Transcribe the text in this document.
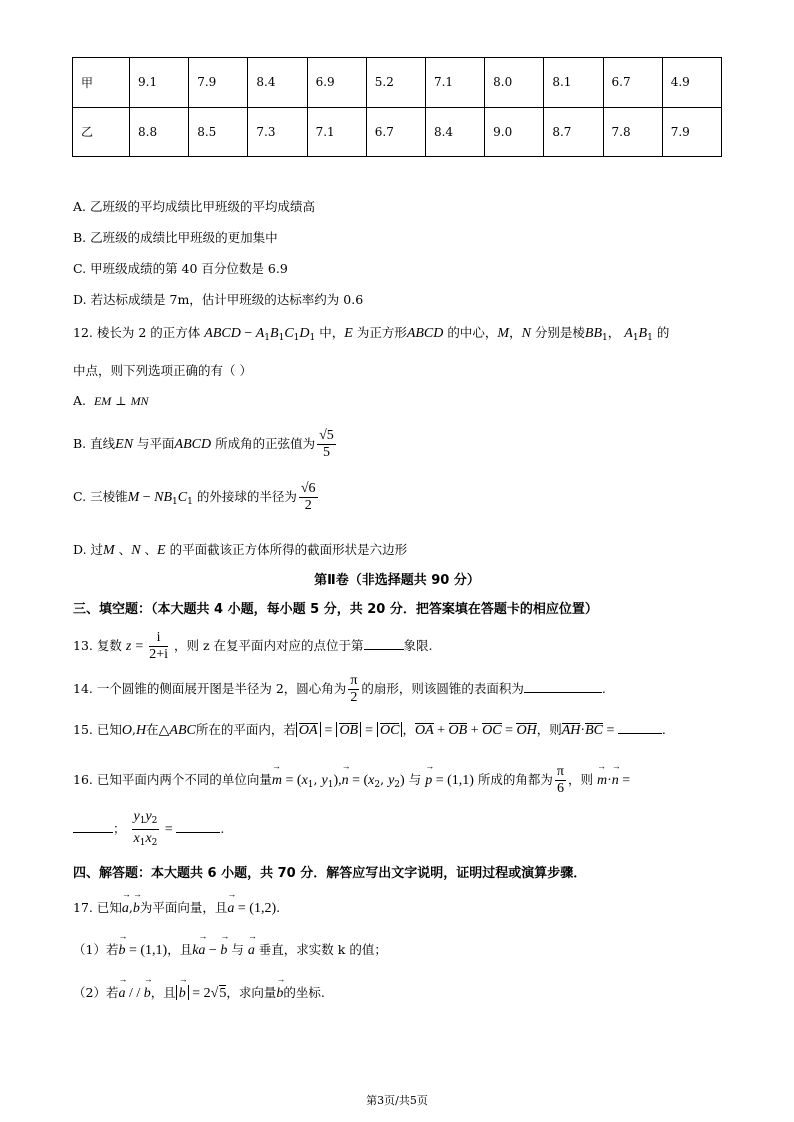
甲	9.1	7.9	8.4	6.9	5.2	7.1	8.0	8.1	6.7	4.9
乙	8.8	8.5	7.3	7.1	6.7	8.4	9.0	8.7	7.8	7.9
A. 乙班级的平均成绩比甲班级的平均成绩高
B. 乙班级的成绩比甲班级的更加集中
C. 甲班级成绩的第 40 百分位数是 6.9
D. 若达标成绩是 7m，估计甲班级的达标率约为 0.6
12. 棱长为 2 的正方体 ABCD − $A_1B_1C_1D_1$ 中，E 为正方形ABCD 的中心，M，N 分别是棱$BB_1$， $A_1B_1$ 的
中点，则下列选项正确的有（ ）
A. EM ⊥ MN
B. 直线EN 与平面ABCD 所成角的正弦值为 $\frac{√5}{5}$
C. 三棱锥$M - NB_1C_1$ 的外接球的半径为 $\frac{√6}{2}$
D. 过M 、N 、E 的平面截该正方体所得的截面形状是六边形
第Ⅱ卷（非选择题共 90 分）
三、填空题：（本大题共 4 小题，每小题 5 分，共 20 分．把答案填在答题卡的相应位置）
13. 复数 $z = \frac{i}{2+i}$ ，则 z 在复平面内对应的点位于第	象限.
14. 一个圆锥的侧面展开图是半径为 2，圆心角为 $\frac{\pi}{2}$ 的扇形，则该圆锥的表面积为	.
15. 已知O,H在△ABC所在的平面内，若 OA = OB = OC ，OA + OB + OC = OH，则AH·BC =	.
16. 已知平面内两个不同的单位向量m → = ($x_1$, $y_1),n$ → = ($x_2$, $y_2$) 与 p → = (1,1) 所成的角都为 $\frac{\pi}{6}$ ，则 m →·n → =
； $\frac{y_1y_2}{x_1x_2}$ =	.
四、解答题：本大题共 6 小题，共 70 分．解答应写出文字说明，证明过程或演算步骤．
17. 已知a →,b →为平面向量，且a → = (1,2).
（1）若b → = (1,1)，且ka → − b → 与 a → 垂直，求实数 k 的值；
（2）若a → / / b →，且 b → = 2√5，求向量b →的坐标.
第3页/共5页
